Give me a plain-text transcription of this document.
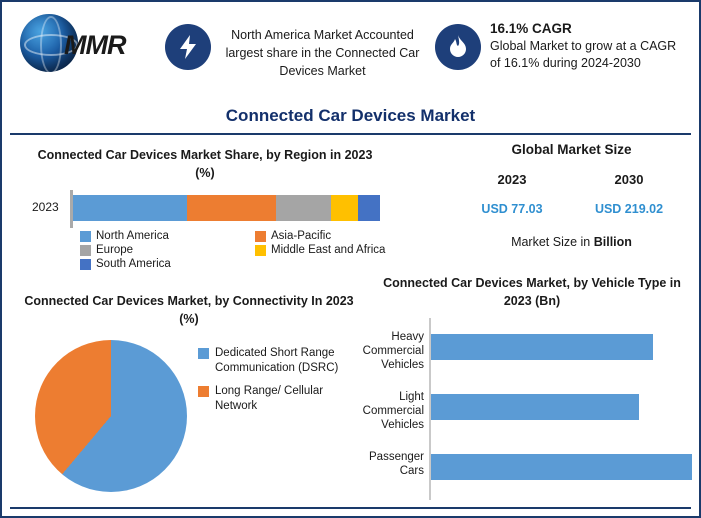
MMR	North America Market Accounted largest share in the Connected Car Devices Market
16.1% CAGR
Global Market to grow at a CAGR of 16.1% during 2024-2030
Connected Car Devices Market
Connected Car Devices Market Share, by Region in 2023 (%)
2023
North America	Asia-Pacific
Europe	Middle East and Africa
South America
Global Market Size
2023	2030
USD 77.03	USD 219.02
Market Size in Billion
Connected Car Devices Market, by Connectivity In 2023 (%)
Dedicated Short Range Communication (DSRC)
Long Range/ Cellular Network
Connected Car Devices Market, by Vehicle Type in 2023 (Bn)
Heavy Commercial Vehicles
Light Commercial Vehicles
Passenger Cars
